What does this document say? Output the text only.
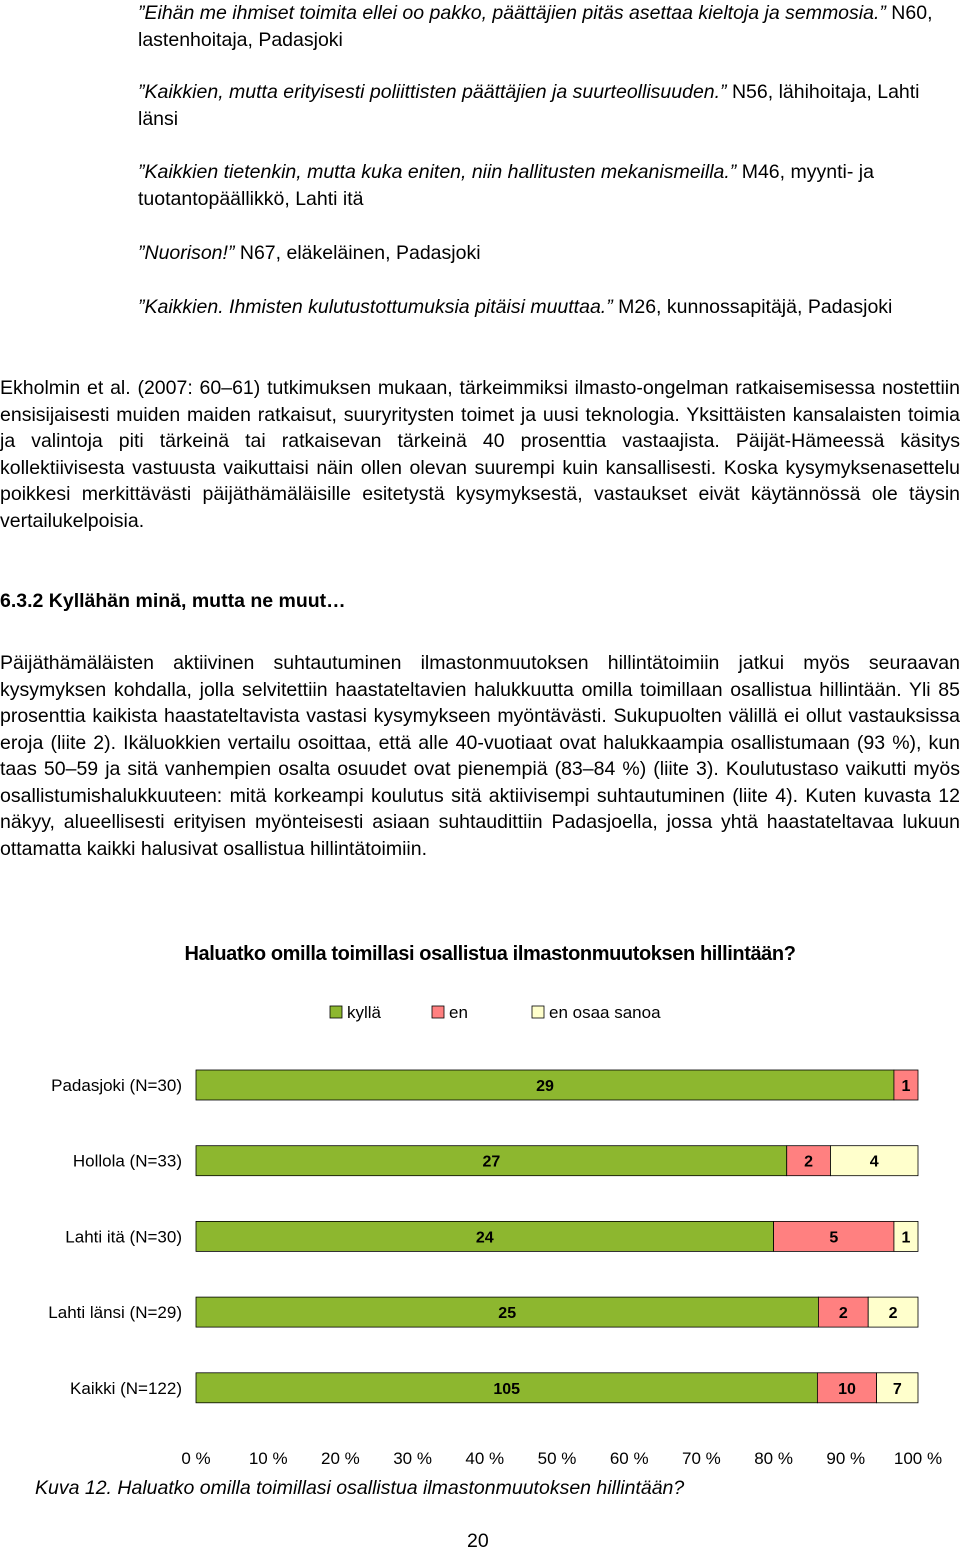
”Eihän me ihmiset toimita ellei oo pakko, päättäjien pitäs asettaa kieltoja ja semmosia.” N60, lastenhoitaja, Padasjoki
”Kaikkien, mutta erityisesti poliittisten päättäjien ja suurteollisuuden.” N56, lähihoitaja, Lahti länsi
”Kaikkien tietenkin, mutta kuka eniten, niin hallitusten mekanismeilla.” M46, myynti- ja tuotantopäällikkö, Lahti itä
”Nuorison!” N67, eläkeläinen, Padasjoki
”Kaikkien. Ihmisten kulutustottumuksia pitäisi muuttaa.” M26, kunnossapitäjä, Padasjoki
Ekholmin et al. (2007: 60–61) tutkimuksen mukaan, tärkeimmiksi ilmasto-ongelman ratkaisemisessa nostettiin ensisijaisesti muiden maiden ratkaisut, suuryritysten toimet ja uusi teknologia. Yksittäisten kansalaisten toimia ja valintoja piti tärkeinä tai ratkaisevan tärkeinä 40 prosenttia vastaajista. Päijät-Hämeessä käsitys kollektiivisesta vastuusta vaikuttaisi näin ollen olevan suurempi kuin kansallisesti. Koska kysymyksenasettelu poikkesi merkittävästi päijäthämäläisille esitetystä kysymyksestä, vastaukset eivät käytännössä ole täysin vertailukelpoisia.
6.3.2 Kyllähän minä, mutta ne muut…
Päijäthämäläisten aktiivinen suhtautuminen ilmastonmuutoksen hillintätoimiin jatkui myös seuraavan kysymyksen kohdalla, jolla selvitettiin haastateltavien halukkuutta omilla toimillaan osallistua hillintään. Yli 85 prosenttia kaikista haastateltavista vastasi kysymykseen myöntävästi. Sukupuolten välillä ei ollut vastauksissa eroja (liite 2). Ikäluokkien vertailu osoittaa, että alle 40-vuotiaat ovat halukkaampia osallistumaan (93 %), kun taas 50–59 ja sitä vanhempien osalta osuudet ovat pienempiä (83–84 %) (liite 3). Koulutustaso vaikutti myös osallistumishalukkuuteen: mitä korkeampi koulutus sitä aktiivisempi suhtautuminen (liite 4). Kuten kuvasta 12 näkyy, alueellisesti erityisen myönteisesti asiaan suhtaudittiin Padasjoella, jossa yhtä haastateltavaa lukuun ottamatta kaikki halusivat osallistua hillintätoimiin.
Haluatko omilla toimillasi osallistua ilmastonmuutoksen hillintään?
kyllä	en	en osaa sanoa
Padasjoki (N=30)	29	1
Hollola (N=33)	27	2	4
Lahti itä (N=30)	24	5	1
Lahti länsi (N=29)	25	2	2
Kaikki (N=122)	105	10 7
0 % 10 % 20 % 30 % 40 % 50 % 60 % 70 % 80 % 90 % 100 %
Kuva 12. Haluatko omilla toimillasi osallistua ilmastonmuutoksen hillintään?
20
